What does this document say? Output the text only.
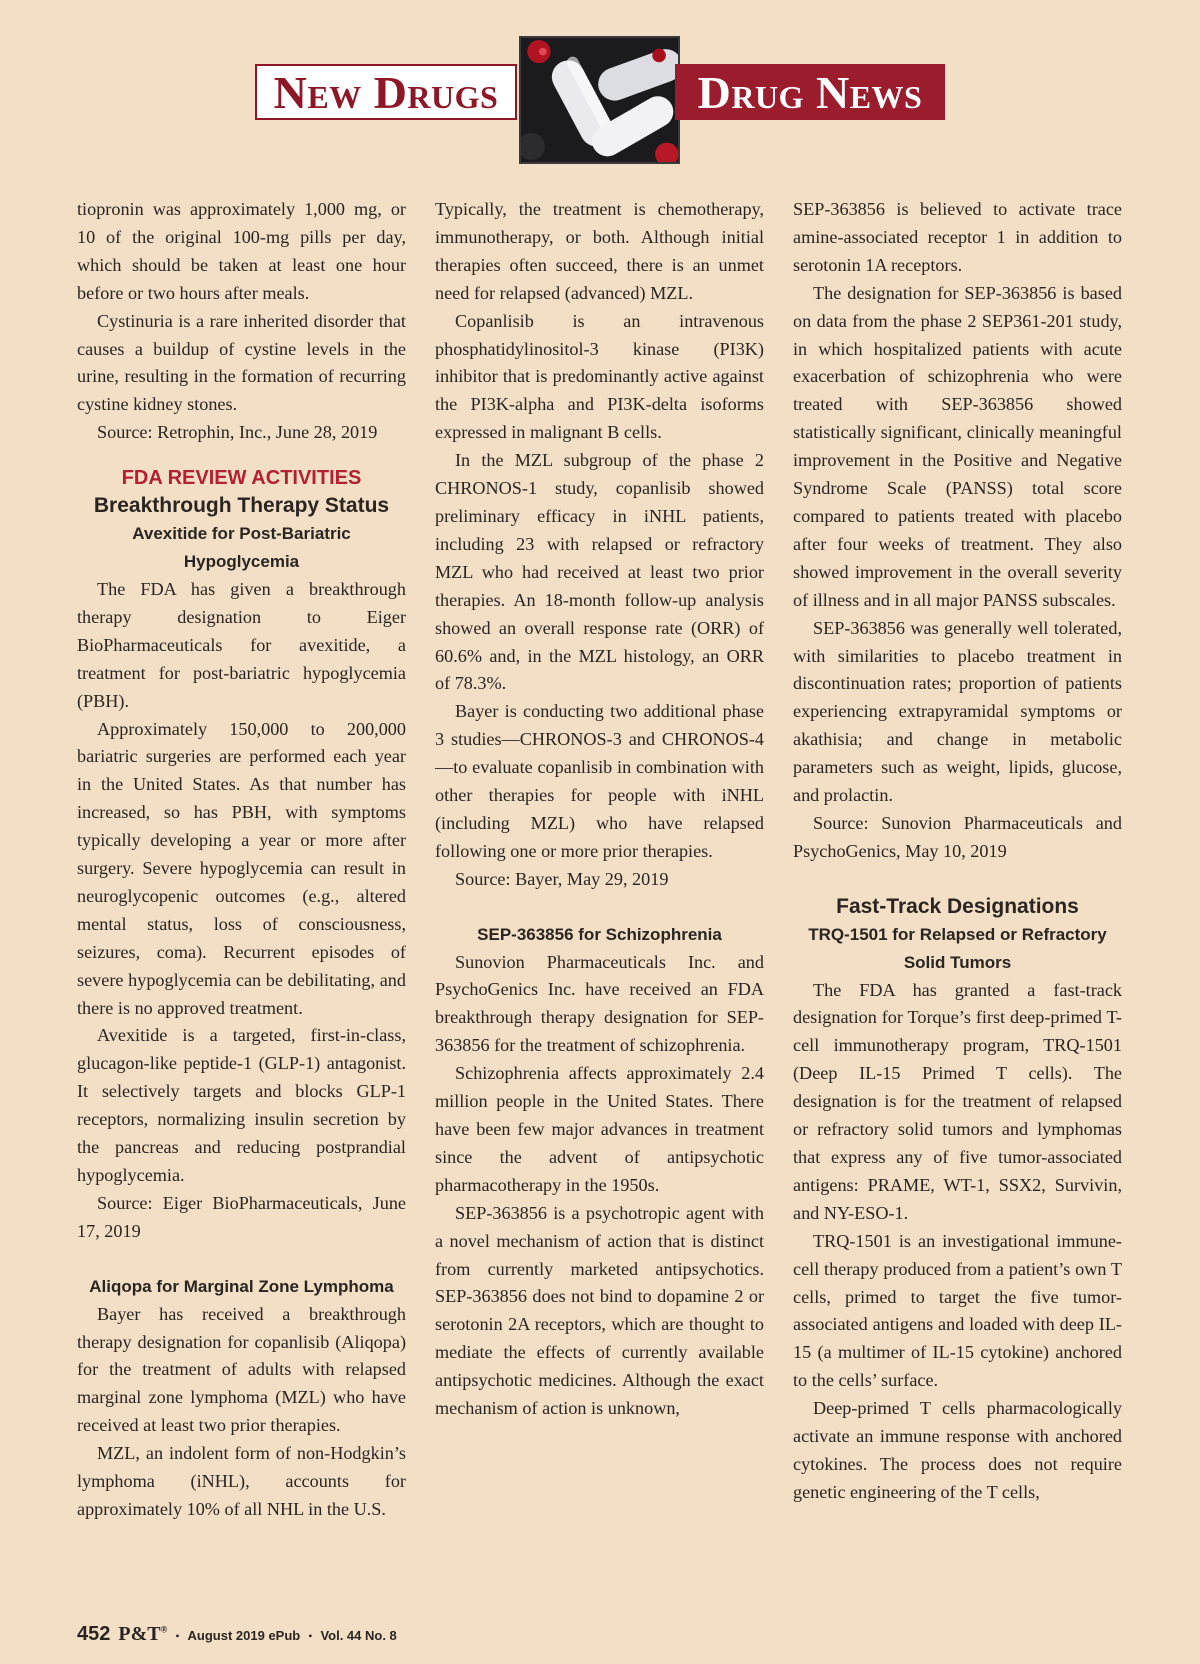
New Drugs	Drug News

tiopronin was approximately 1,000 mg, or 10 of the original 100-mg pills per day, which should be taken at least one hour before or two hours after meals.

Cystinuria is a rare inherited disorder that causes a buildup of cystine levels in the urine, resulting in the formation of recurring cystine kidney stones.

Source: Retrophin, Inc., June 28, 2019

FDA REVIEW ACTIVITIES
Breakthrough Therapy Status
Avexitide for Post-Bariatric Hypoglycemia

The FDA has given a breakthrough therapy designation to Eiger BioPharmaceuticals for avexitide, a treatment for post-bariatric hypoglycemia (PBH).

Approximately 150,000 to 200,000 bariatric surgeries are performed each year in the United States. As that number has increased, so has PBH, with symptoms typically developing a year or more after surgery. Severe hypoglycemia can result in neuroglycopenic outcomes (e.g., altered mental status, loss of consciousness, seizures, coma). Recurrent episodes of severe hypoglycemia can be debilitating, and there is no approved treatment.

Avexitide is a targeted, first-in-class, glucagon-like peptide-1 (GLP-1) antagonist. It selectively targets and blocks GLP-1 receptors, normalizing insulin secretion by the pancreas and reducing postprandial hypoglycemia.

Source: Eiger BioPharmaceuticals, June 17, 2019

Aliqopa for Marginal Zone Lymphoma

Bayer has received a breakthrough therapy designation for copanlisib (Aliqopa) for the treatment of adults with relapsed marginal zone lymphoma (MZL) who have received at least two prior therapies.

MZL, an indolent form of non-Hodgkin’s lymphoma (iNHL), accounts for approximately 10% of all NHL in the U.S.

Typically, the treatment is chemotherapy, immunotherapy, or both. Although initial therapies often succeed, there is an unmet need for relapsed (advanced) MZL.

Copanlisib is an intravenous phosphatidylinositol-3 kinase (PI3K) inhibitor that is predominantly active against the PI3K-alpha and PI3K-delta isoforms expressed in malignant B cells.

In the MZL subgroup of the phase 2 CHRONOS-1 study, copanlisib showed preliminary efficacy in iNHL patients, including 23 with relapsed or refractory MZL who had received at least two prior therapies. An 18-month follow-up analysis showed an overall response rate (ORR) of 60.6% and, in the MZL histology, an ORR of 78.3%.

Bayer is conducting two additional phase 3 studies—CHRONOS-3 and CHRONOS-4—to evaluate copanlisib in combination with other therapies for people with iNHL (including MZL) who have relapsed following one or more prior therapies.

Source: Bayer, May 29, 2019

SEP-363856 for Schizophrenia

Sunovion Pharmaceuticals Inc. and PsychoGenics Inc. have received an FDA breakthrough therapy designation for SEP-363856 for the treatment of schizophrenia.

Schizophrenia affects approximately 2.4 million people in the United States. There have been few major advances in treatment since the advent of antipsychotic pharmacotherapy in the 1950s.

SEP-363856 is a psychotropic agent with a novel mechanism of action that is distinct from currently marketed antipsychotics. SEP-363856 does not bind to dopamine 2 or serotonin 2A receptors, which are thought to mediate the effects of currently available antipsychotic medicines. Although the exact mechanism of action is unknown,

SEP-363856 is believed to activate trace amine-associated receptor 1 in addition to serotonin 1A receptors.

The designation for SEP-363856 is based on data from the phase 2 SEP361-201 study, in which hospitalized patients with acute exacerbation of schizophrenia who were treated with SEP-363856 showed statistically significant, clinically meaningful improvement in the Positive and Negative Syndrome Scale (PANSS) total score compared to patients treated with placebo after four weeks of treatment. They also showed improvement in the overall severity of illness and in all major PANSS subscales.

SEP-363856 was generally well tolerated, with similarities to placebo treatment in discontinuation rates; proportion of patients experiencing extrapyramidal symptoms or akathisia; and change in metabolic parameters such as weight, lipids, glucose, and prolactin.

Source: Sunovion Pharmaceuticals and PsychoGenics, May 10, 2019

Fast-Track Designations
TRQ-1501 for Relapsed or Refractory Solid Tumors

The FDA has granted a fast-track designation for Torque’s first deep-primed T-cell immunotherapy program, TRQ-1501 (Deep IL-15 Primed T cells). The designation is for the treatment of relapsed or refractory solid tumors and lymphomas that express any of five tumor-associated antigens: PRAME, WT-1, SSX2, Survivin, and NY-ESO-1.

TRQ-1501 is an investigational immune-cell therapy produced from a patient’s own T cells, primed to target the five tumor-associated antigens and loaded with deep IL-15 (a multimer of IL-15 cytokine) anchored to the cells’ surface.

Deep-primed T cells pharmacologically activate an immune response with anchored cytokines. The process does not require genetic engineering of the T cells,

452 P&T® • August 2019 ePub • Vol. 44 No. 8
